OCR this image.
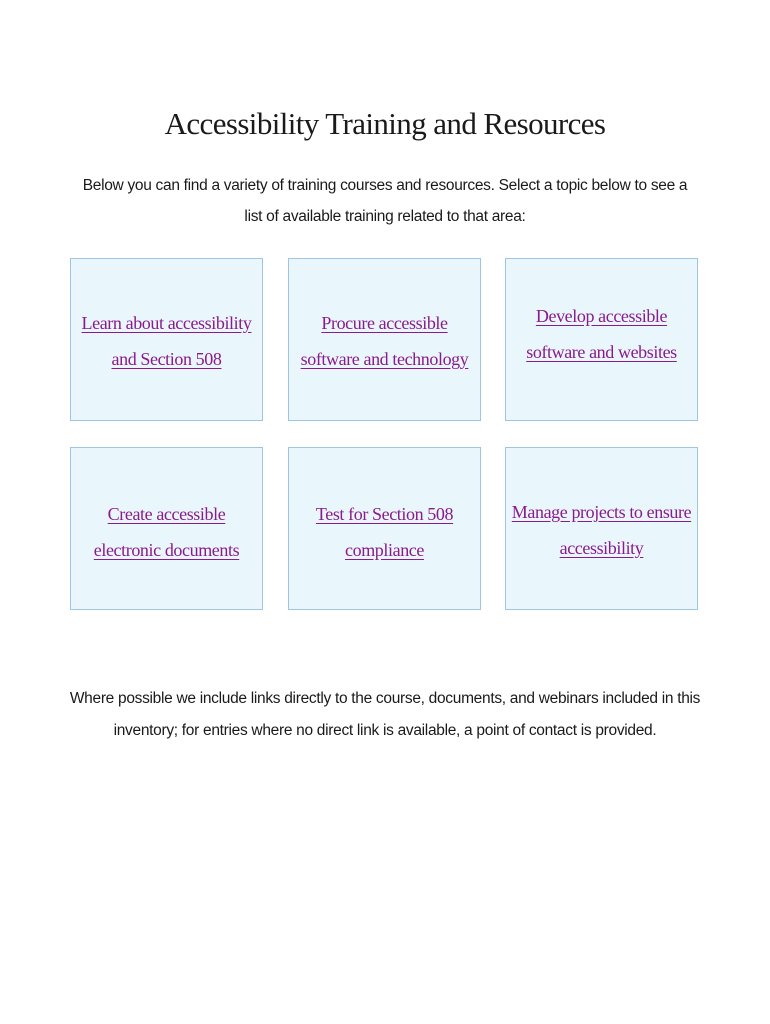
Accessibility Training and Resources

Below you can find a variety of training courses and resources. Select a topic below to see a list of available training related to that area:

Learn about accessibility and Section 508
Procure accessible software and technology
Develop accessible software and websites
Create accessible electronic documents
Test for Section 508 compliance
Manage projects to ensure accessibility

Where possible we include links directly to the course, documents, and webinars included in this inventory; for entries where no direct link is available, a point of contact is provided.
